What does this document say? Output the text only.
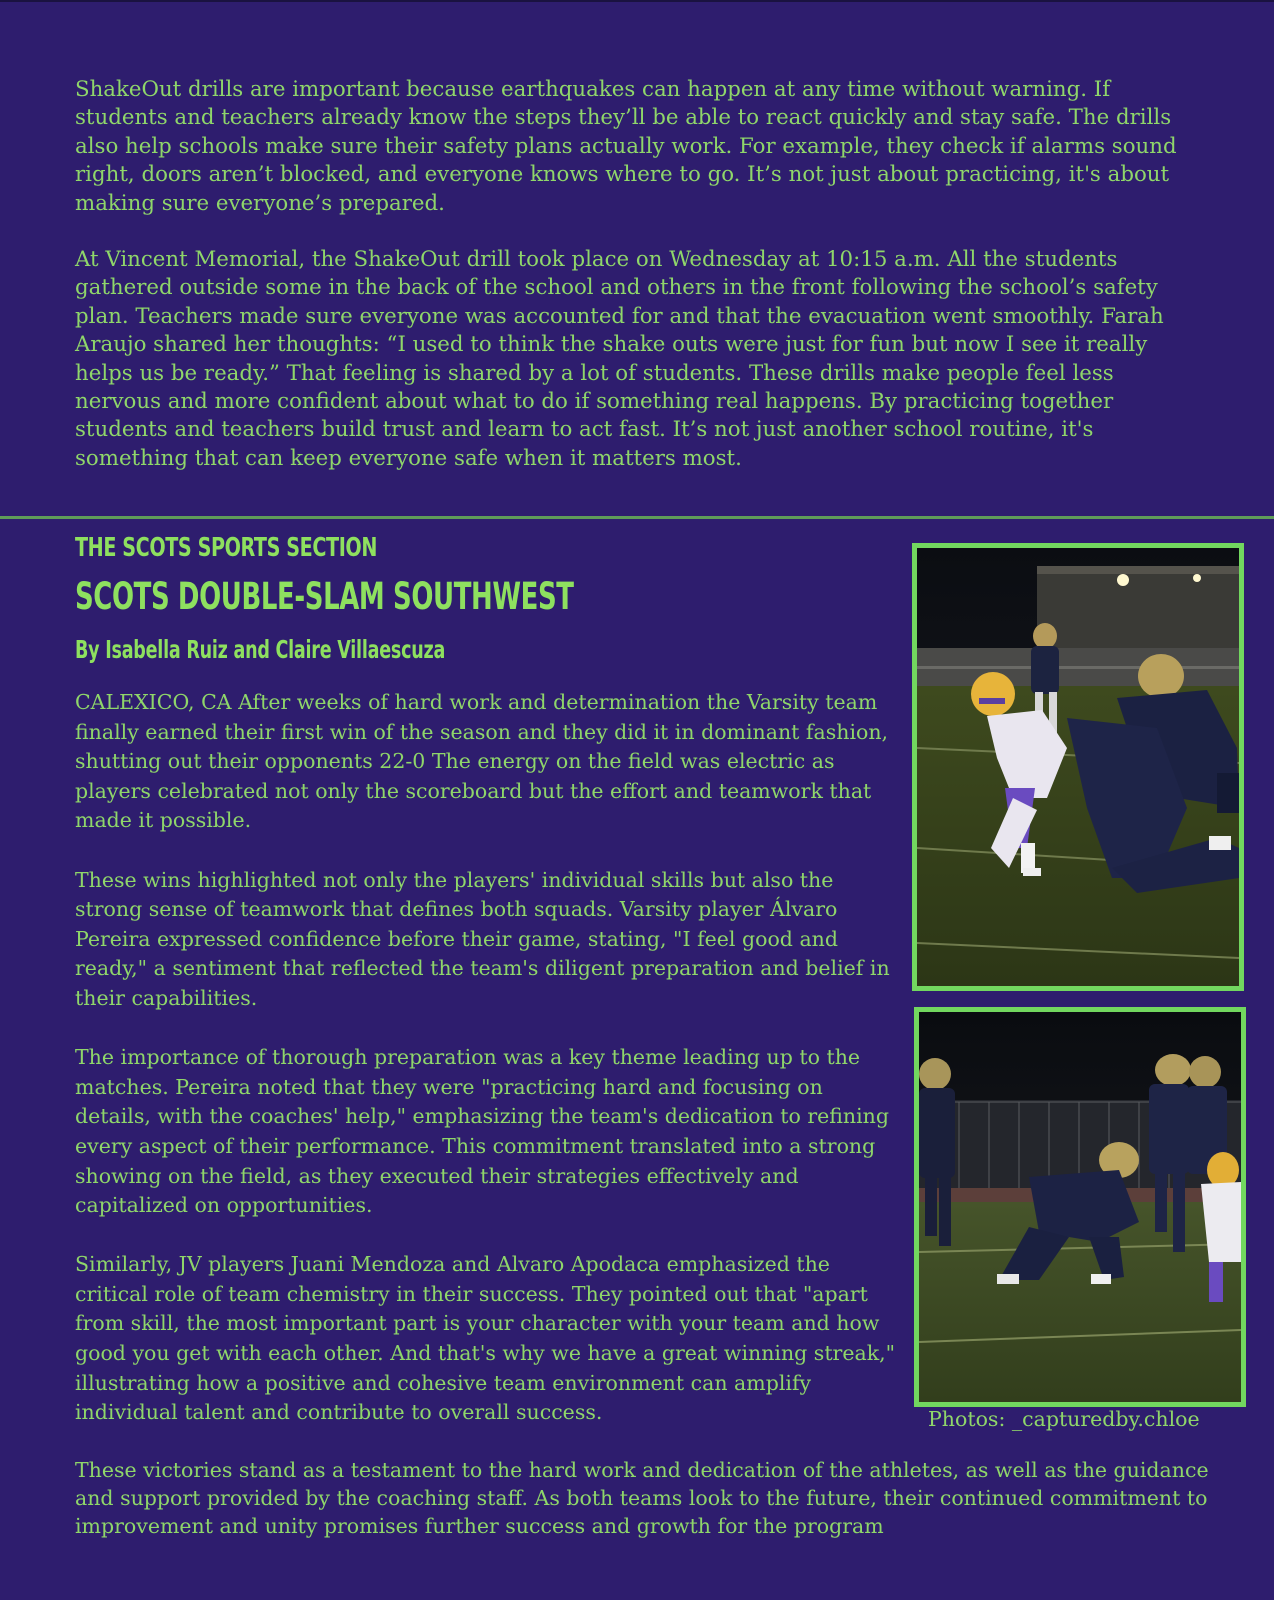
ShakeOut drills are important because earthquakes can happen at any time without warning. If students and teachers already know the steps they’ll be able to react quickly and stay safe. The drills also help schools make sure their safety plans actually work. For example, they check if alarms sound right, doors aren’t blocked, and everyone knows where to go. It’s not just about practicing, it's about making sure everyone’s prepared.

At Vincent Memorial, the ShakeOut drill took place on Wednesday at 10:15 a.m. All the students gathered outside some in the back of the school and others in the front following the school’s safety plan. Teachers made sure everyone was accounted for and that the evacuation went smoothly. Farah Araujo shared her thoughts: “I used to think the shake outs were just for fun but now I see it really helps us be ready.” That feeling is shared by a lot of students. These drills make people feel less nervous and more confident about what to do if something real happens. By practicing together students and teachers build trust and learn to act fast. It’s not just another school routine, it's something that can keep everyone safe when it matters most.

THE SCOTS SPORTS SECTION
SCOTS DOUBLE-SLAM SOUTHWEST
By Isabella Ruiz and Claire Villaescuza

CALEXICO, CA After weeks of hard work and determination the Varsity team finally earned their first win of the season and they did it in dominant fashion, shutting out their opponents 22-0 The energy on the field was electric as players celebrated not only the scoreboard but the effort and teamwork that made it possible.

These wins highlighted not only the players' individual skills but also the strong sense of teamwork that defines both squads. Varsity player Álvaro Pereira expressed confidence before their game, stating, "I feel good and ready," a sentiment that reflected the team's diligent preparation and belief in their capabilities.

The importance of thorough preparation was a key theme leading up to the matches. Pereira noted that they were "practicing hard and focusing on details, with the coaches' help," emphasizing the team's dedication to refining every aspect of their performance. This commitment translated into a strong showing on the field, as they executed their strategies effectively and capitalized on opportunities.

Similarly, JV players Juani Mendoza and Alvaro Apodaca emphasized the critical role of team chemistry in their success. They pointed out that "apart from skill, the most important part is your character with your team and how good you get with each other. And that's why we have a great winning streak," illustrating how a positive and cohesive team environment can amplify individual talent and contribute to overall success.	Photos: _capturedby.chloe

These victories stand as a testament to the hard work and dedication of the athletes, as well as the guidance and support provided by the coaching staff. As both teams look to the future, their continued commitment to improvement and unity promises further success and growth for the program
